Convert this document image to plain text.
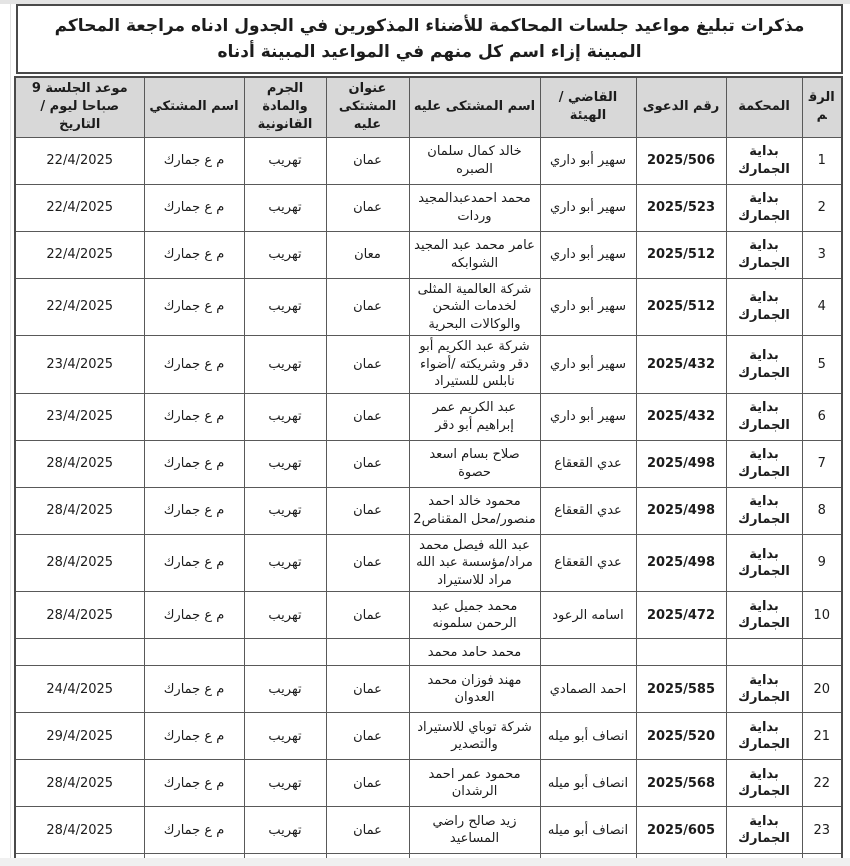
مذكرات تبليغ مواعيد جلسات المحاكمة للأضناء المذكورين في الجدول ادناه مراجعة المحاكم المبينة إزاء اسم كل منهم في المواعيد المبينة أدناه
الرقم	المحكمة	رقم الدعوى	القاضي / الهيئة	اسم المشتكى عليه	عنوان المشتكى عليه	الجرم والمادة القانونية	اسم المشتكي	موعد الجلسة 9 صباحا ليوم / التاريخ
1	بداية الجمارك	2025/506	سهير أبو داري	خالد كمال سلمان الصبره	عمان	تهريب	م ع جمارك	22/4/2025
2	بداية الجمارك	2025/523	سهير أبو داري	محمد احمدعبدالمجيد وردات	عمان	تهريب	م ع جمارك	22/4/2025
3	بداية الجمارك	2025/512	سهير أبو داري	عامر محمد عبد المجيد الشوابكه	معان	تهريب	م ع جمارك	22/4/2025
4	بداية الجمارك	2025/512	سهير أبو داري	شركة العالمية المثلى لخدمات الشحن والوكالات البحرية	عمان	تهريب	م ع جمارك	22/4/2025
5	بداية الجمارك	2025/432	سهير أبو داري	شركة عبد الكريم أبو دقر وشريكته /أضواء نابلس للستيراد	عمان	تهريب	م ع جمارك	23/4/2025
6	بداية الجمارك	2025/432	سهير أبو داري	عبد الكريم عمر إبراهيم أبو دقر	عمان	تهريب	م ع جمارك	23/4/2025
7	بداية الجمارك	2025/498	عدي القعقاع	صلاح بسام اسعد حصوة	عمان	تهريب	م ع جمارك	28/4/2025
8	بداية الجمارك	2025/498	عدي القعقاع	محمود خالد احمد منصور/محل المقناص2	عمان	تهريب	م ع جمارك	28/4/2025
9	بداية الجمارك	2025/498	عدي القعقاع	عبد الله فيصل محمد مراد/مؤسسة عبد الله مراد للاستيراد	عمان	تهريب	م ع جمارك	28/4/2025
10	بداية الجمارك	2025/472	اسامه الرعود	محمد جميل عبد الرحمن سلمونه	عمان	تهريب	م ع جمارك	28/4/2025
				محمد حامد محمد				
20	بداية الجمارك	2025/585	احمد الصمادي	مهند فوزان محمد العدوان	عمان	تهريب	م ع جمارك	24/4/2025
21	بداية الجمارك	2025/520	انصاف أبو ميله	شركة توباي للاستيراد والتصدير	عمان	تهريب	م ع جمارك	29/4/2025
22	بداية الجمارك	2025/568	انصاف أبو ميله	محمود عمر احمد الرشدان	عمان	تهريب	م ع جمارك	28/4/2025
23	بداية الجمارك	2025/605	انصاف أبو ميله	زيد صالح راضي المساعيد	عمان	تهريب	م ع جمارك	28/4/2025
